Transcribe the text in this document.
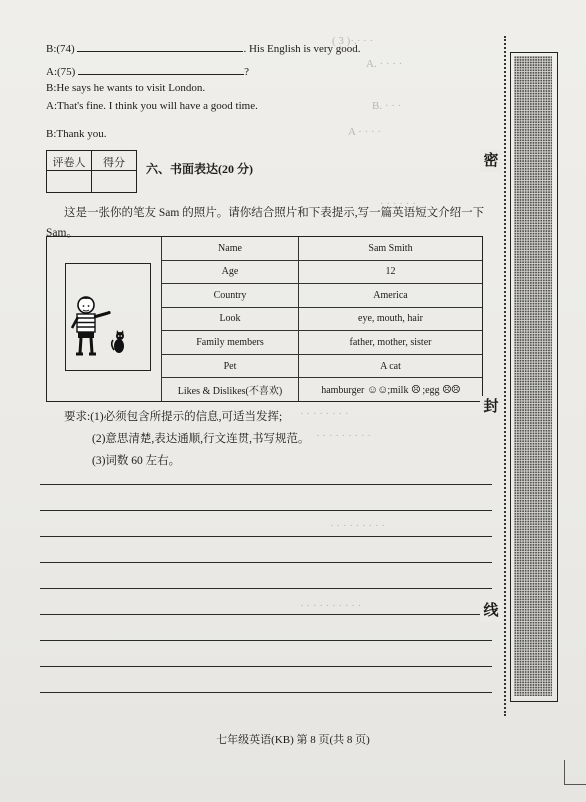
( 3 )·.· · ·
A. · · · ·
B. · · ·
A · · · ·
· · · · · ·
· · · · · · · ·
· · · · · · · · ·
· · · · · · · · ·
· · · · · · · · · ·
B:(74)	. His English is very good.
A:(75)	?
B:He says he wants to visit London.
A:That's fine. I think you will have a good time.
B:Thank you.
评卷人	得分	六、书面表达(20 分)
这是一张你的笔友 Sam 的照片。请你结合照片和下表提示,写一篇英语短文介绍一下
Sam。
Name	Sam Smith
Age	12
Country	America
Look	eye, mouth, hair
Family members	father, mother, sister
Pet	A cat
Likes & Dislikes(不喜欢)	hamburger ☺☺;milk ☹ ;egg ☹☹
要求:(1)必须包含所提示的信息,可适当发挥;
(2)意思清楚,表达通顺,行文连贯,书写规范。
(3)词数 60 左右。
密
封
线
七年级英语(KB) 第 8 页(共 8 页)
